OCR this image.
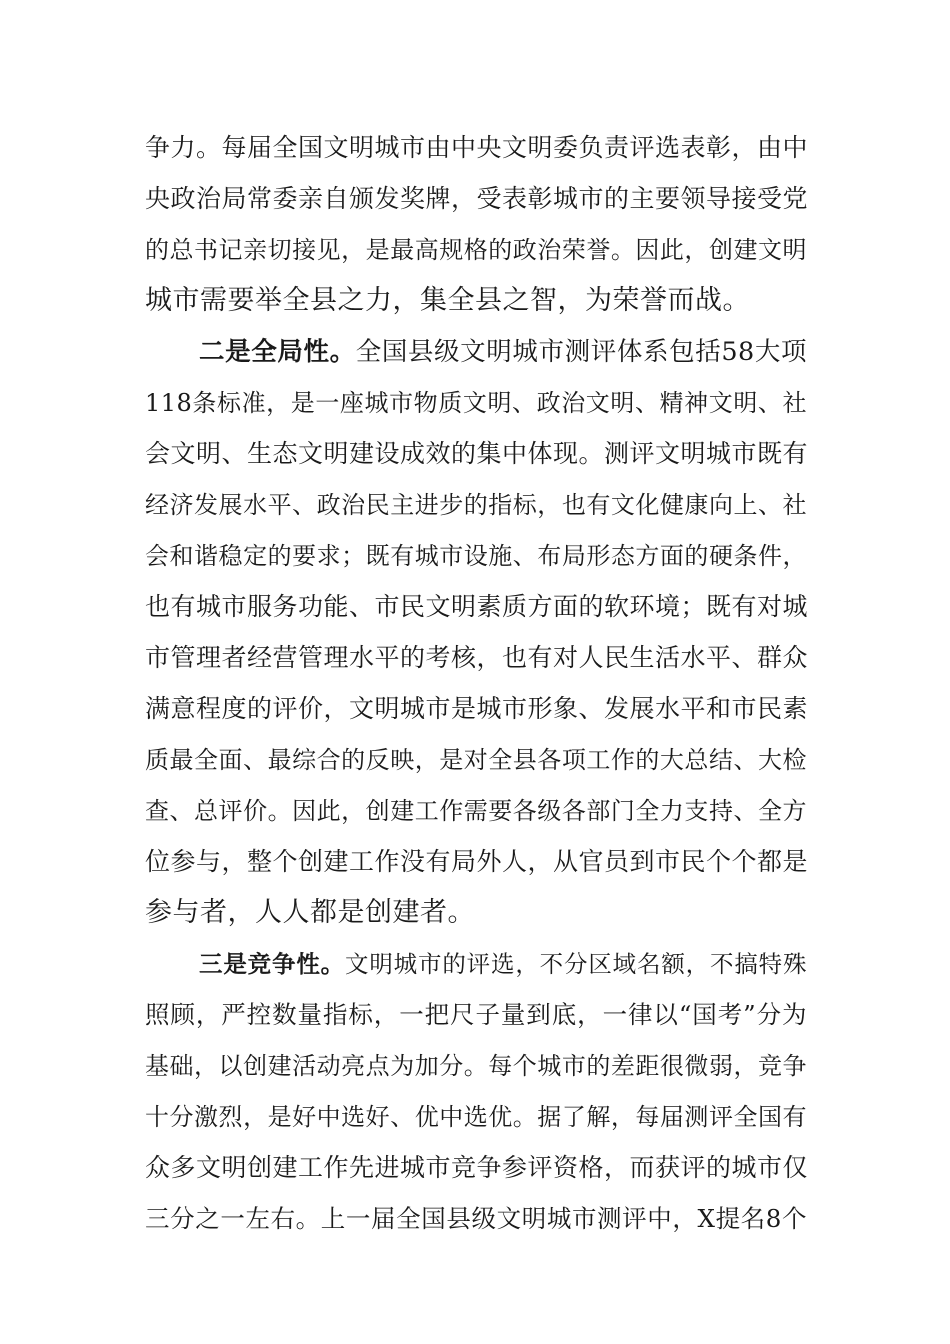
争力。每届全国文明城市由中央文明委负责评选表彰，由中
央政治局常委亲自颁发奖牌，受表彰城市的主要领导接受党
的总书记亲切接见，是最高规格的政治荣誉。因此，创建文明
城市需要举全县之力，集全县之智，为荣誉而战。
二是全局性。全国县级文明城市测评体系包括58大项
118条标准，是一座城市物质文明、政治文明、精神文明、社
会文明、生态文明建设成效的集中体现。测评文明城市既有
经济发展水平、政治民主进步的指标，也有文化健康向上、社
会和谐稳定的要求；既有城市设施、布局形态方面的硬条件，
也有城市服务功能、市民文明素质方面的软环境；既有对城
市管理者经营管理水平的考核，也有对人民生活水平、群众
满意程度的评价，文明城市是城市形象、发展水平和市民素
质最全面、最综合的反映，是对全县各项工作的大总结、大检
查、总评价。因此，创建工作需要各级各部门全力支持、全方
位参与，整个创建工作没有局外人，从官员到市民个个都是
参与者，人人都是创建者。
三是竞争性。文明城市的评选，不分区域名额，不搞特殊
照顾，严控数量指标，一把尺子量到底，一律以“国考”分为
基础，以创建活动亮点为加分。每个城市的差距很微弱，竞争
十分激烈，是好中选好、优中选优。据了解，每届测评全国有
众多文明创建工作先进城市竞争参评资格，而获评的城市仅
三分之一左右。上一届全国县级文明城市测评中，X提名8个
